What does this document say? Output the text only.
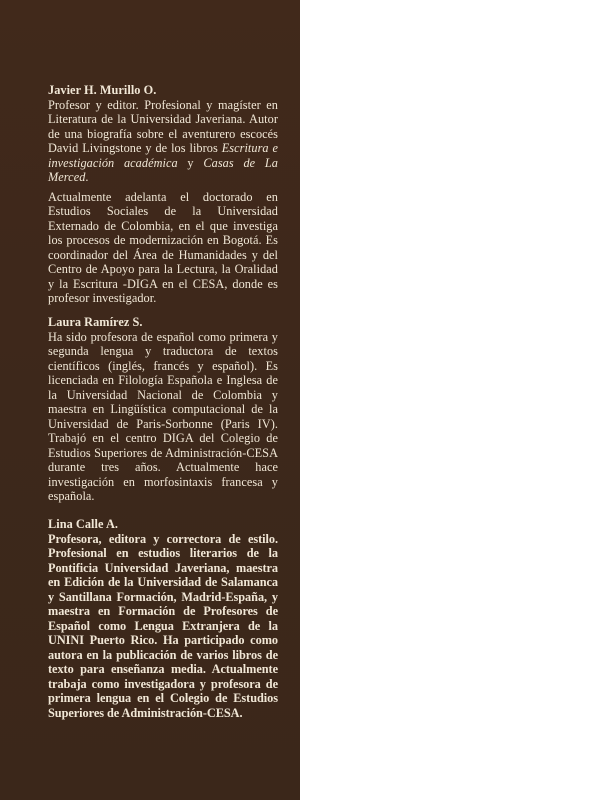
Javier H. Murillo O.

Profesor y editor. Profesional y magíster en Literatura de la Universidad Javeriana. Autor de una biografía sobre el aventurero escocés David Livingstone y de los libros Escritura e investigación académica y Casas de La Merced.

Actualmente adelanta el doctorado en Estudios Sociales de la Universidad Externado de Colombia, en el que investiga los procesos de modernización en Bogotá. Es coordinador del Área de Humanidades y del Centro de Apoyo para la Lectura, la Oralidad y la Escritura -DIGA en el CESA, donde es profesor investigador.

Laura Ramírez S.

Ha sido profesora de español como primera y segunda lengua y traductora de textos científicos (inglés, francés y español). Es licenciada en Filología Española e Inglesa de la Universidad Nacional de Colombia y maestra en Lingüística computacional de la Universidad de Paris-Sorbonne (Paris IV). Trabajó en el centro DIGA del Colegio de Estudios Superiores de Administración-CESA durante tres años. Actualmente hace investigación en morfosintaxis francesa y española.

Lina Calle A.

Profesora, editora y correctora de estilo. Profesional en estudios literarios de la Pontificia Universidad Javeriana, maestra en Edición de la Universidad de Salamanca y Santillana Formación, Madrid-España, y maestra en Formación de Profesores de Español como Lengua Extranjera de la UNINI Puerto Rico. Ha participado como autora en la publicación de varios libros de texto para enseñanza media. Actualmente trabaja como investigadora y profesora de primera lengua en el Colegio de Estudios Superiores de Administración-CESA.
